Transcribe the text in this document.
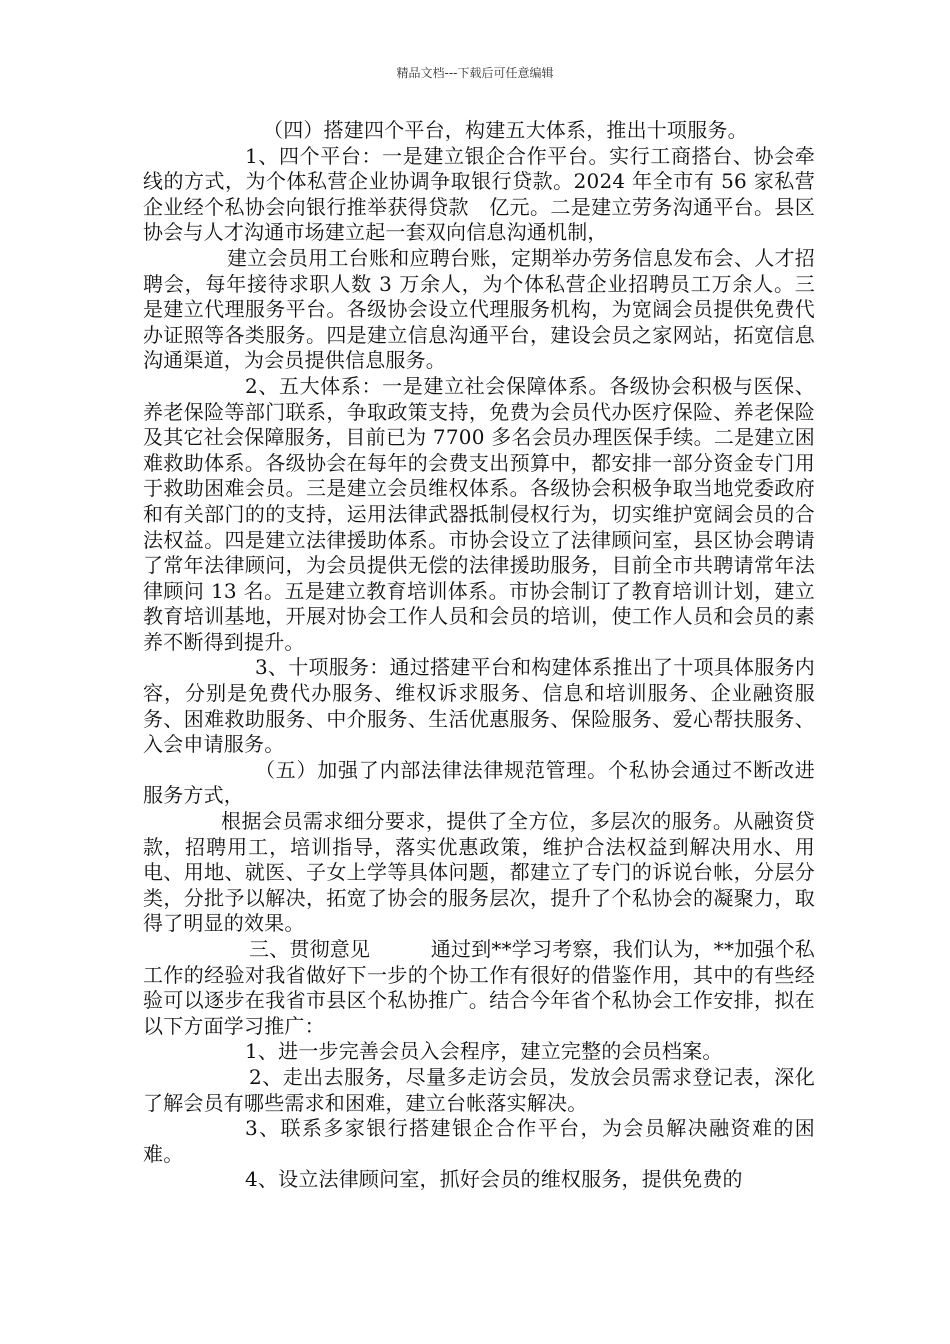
精品文档---下载后可任意编辑

（四）搭建四个平台，构建五大体系，推出十项服务。

1、四个平台：一是建立银企合作平台。实行工商搭台、协会牵线的方式，为个体私营企业协调争取银行贷款。2024 年全市有 56 家私营企业经个私协会向银行推举获得贷款　亿元。二是建立劳务沟通平台。县区协会与人才沟通市场建立起一套双向信息沟通机制，

建立会员用工台账和应聘台账，定期举办劳务信息发布会、人才招聘会，每年接待求职人数 3 万余人，为个体私营企业招聘员工万余人。三是建立代理服务平台。各级协会设立代理服务机构，为宽阔会员提供免费代办证照等各类服务。四是建立信息沟通平台，建设会员之家网站，拓宽信息沟通渠道，为会员提供信息服务。

2、五大体系：一是建立社会保障体系。各级协会积极与医保、养老保险等部门联系，争取政策支持，免费为会员代办医疗保险、养老保险及其它社会保障服务，目前已为 7700 多名会员办理医保手续。二是建立困难救助体系。各级协会在每年的会费支出预算中，都安排一部分资金专门用于救助困难会员。三是建立会员维权体系。各级协会积极争取当地党委政府和有关部门的的支持，运用法律武器抵制侵权行为，切实维护宽阔会员的合法权益。四是建立法律援助体系。市协会设立了法律顾问室，县区协会聘请了常年法律顾问，为会员提供无偿的法律援助服务，目前全市共聘请常年法律顾问 13 名。五是建立教育培训体系。市协会制订了教育培训计划，建立教育培训基地，开展对协会工作人员和会员的培训，使工作人员和会员的素养不断得到提升。

3、十项服务：通过搭建平台和构建体系推出了十项具体服务内容，分别是免费代办服务、维权诉求服务、信息和培训服务、企业融资服务、困难救助服务、中介服务、生活优惠服务、保险服务、爱心帮扶服务、入会申请服务。

（五）加强了内部法律法律规范管理。个私协会通过不断改进服务方式，

根据会员需求细分要求，提供了全方位，多层次的服务。从融资贷款，招聘用工，培训指导，落实优惠政策，维护合法权益到解决用水、用电、用地、就医、子女上学等具体问题，都建立了专门的诉说台帐，分层分类，分批予以解决，拓宽了协会的服务层次，提升了个私协会的凝聚力，取得了明显的效果。

三、贯彻意见　　　通过到**学习考察，我们认为，**加强个私工作的经验对我省做好下一步的个协工作有很好的借鉴作用，其中的有些经验可以逐步在我省市县区个私协推广。结合今年省个私协会工作安排，拟在以下方面学习推广：

1、进一步完善会员入会程序，建立完整的会员档案。

2、走出去服务，尽量多走访会员，发放会员需求登记表，深化了解会员有哪些需求和困难，建立台帐落实解决。

3、联系多家银行搭建银企合作平台，为会员解决融资难的困难。

4、设立法律顾问室，抓好会员的维权服务，提供免费的
